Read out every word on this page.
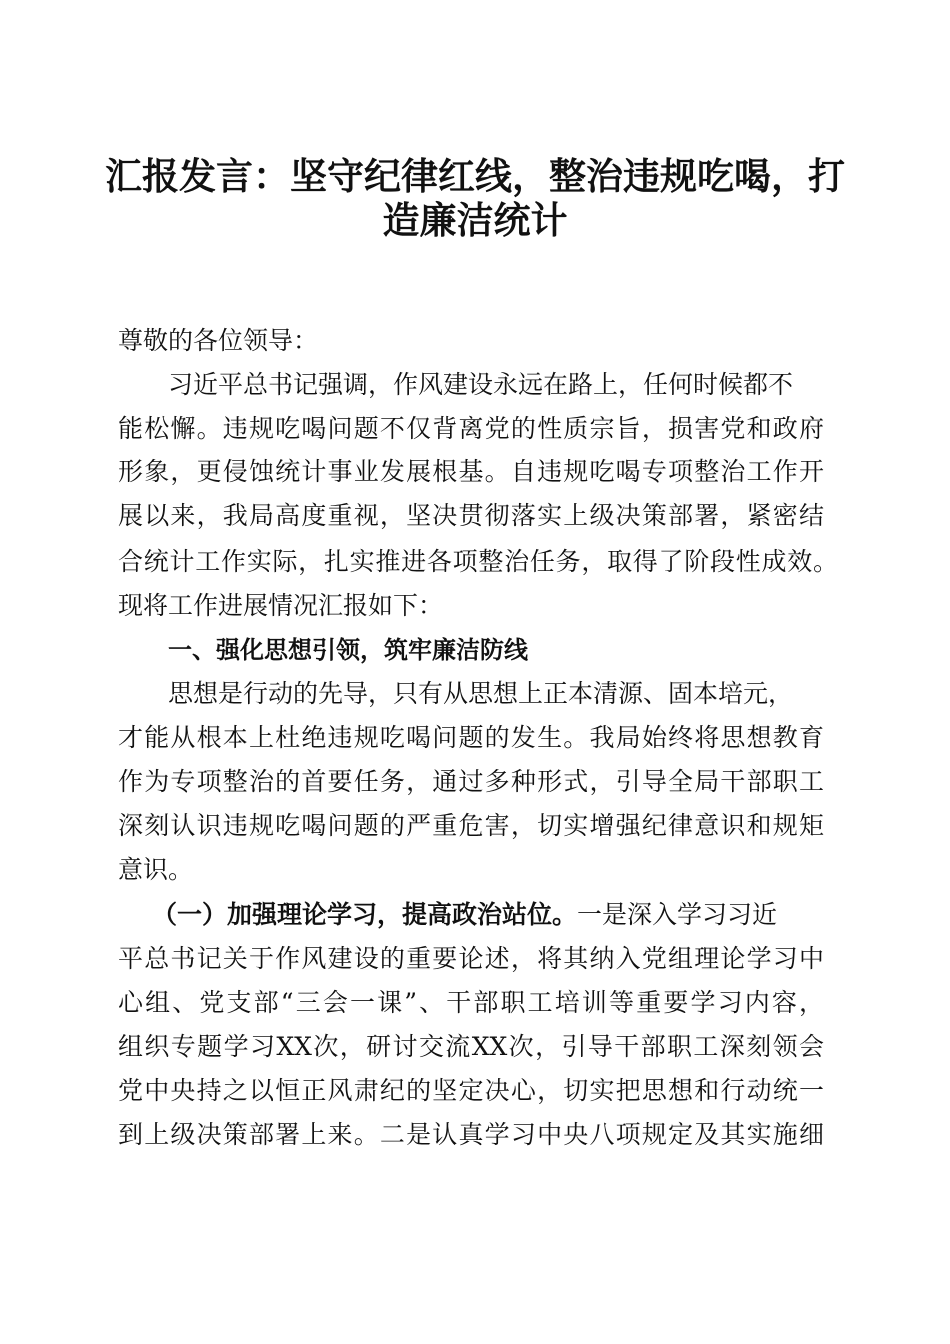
汇报发言：坚守纪律红线，整治违规吃喝，打
造廉洁统计

尊敬的各位领导：

习近平总书记强调，作风建设永远在路上，任何时候都不

能松懈。违规吃喝问题不仅背离党的性质宗旨，损害党和政府

形象，更侵蚀统计事业发展根基。自违规吃喝专项整治工作开

展以来，我局高度重视，坚决贯彻落实上级决策部署，紧密结

合统计工作实际，扎实推进各项整治任务，取得了阶段性成效。

现将工作进展情况汇报如下：

一、强化思想引领，筑牢廉洁防线

思想是行动的先导，只有从思想上正本清源、固本培元，

才能从根本上杜绝违规吃喝问题的发生。我局始终将思想教育

作为专项整治的首要任务，通过多种形式，引导全局干部职工

深刻认识违规吃喝问题的严重危害，切实增强纪律意识和规矩

意识。

（一）加强理论学习，提高政治站位。一是深入学习习近

平总书记关于作风建设的重要论述，将其纳入党组理论学习中

心组、党支部“三会一课”、干部职工培训等重要学习内容，

组织专题学习XX次，研讨交流XX次，引导干部职工深刻领会

党中央持之以恒正风肃纪的坚定决心，切实把思想和行动统一

到上级决策部署上来。二是认真学习中央八项规定及其实施细
